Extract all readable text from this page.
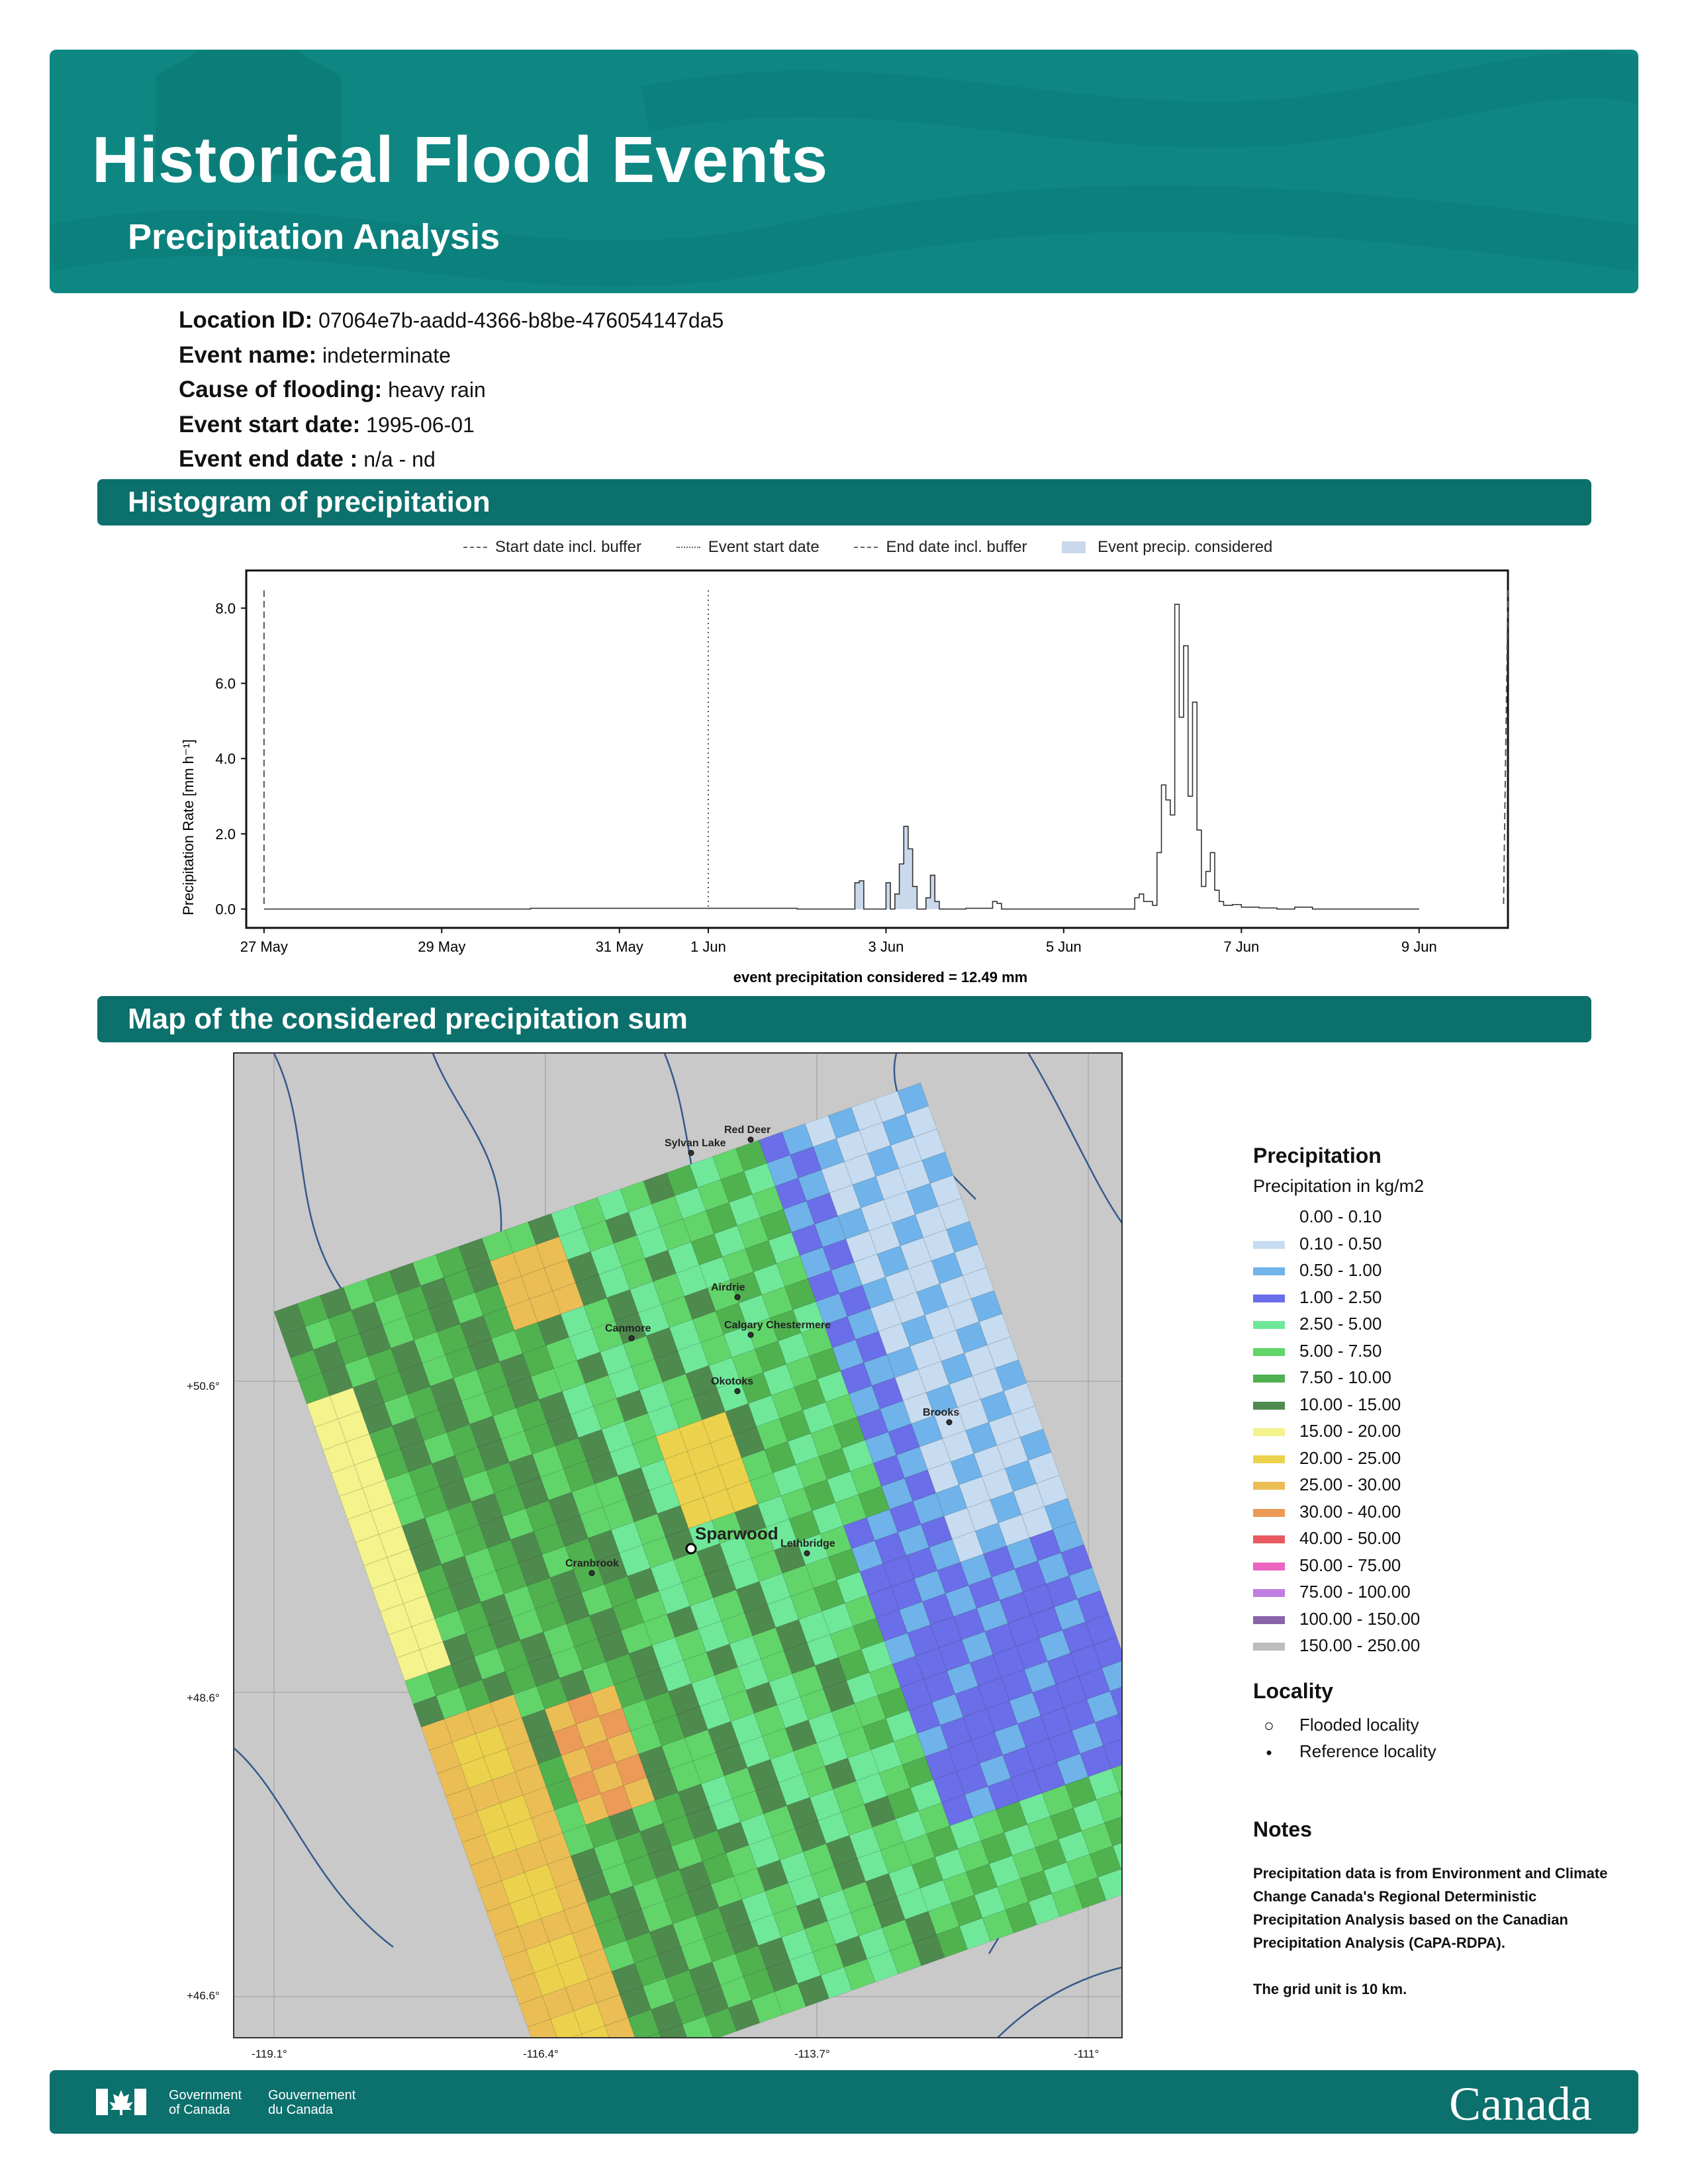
Historical Flood Events
Precipitation Analysis
Location ID: 07064e7b-aadd-4366-b8be-476054147da5
Event name: indeterminate
Cause of flooding: heavy rain
Event start date: 1995-06-01
Event end date : n/a - nd
Histogram of precipitation
Start date incl. buffer	Event start date	End date incl. buffer	Event precip. considered
Precipitation Rate [mm h⁻¹]
event precipitation considered = 12.49 mm
0.0
2.0
4.0
6.0
8.0
27 May	29 May	31 May	1 Jun	3 Jun	5 Jun	7 Jun	9 Jun
Map of the considered precipitation sum
Sylvan Lake
Red Deer
Airdrie
Canmore	Calgary Chestermere
Okotoks
Brooks
Sparwood
Lethbridge
Cranbrook
+50.6°
+48.6°
+46.6°
-119.1°	-116.4°	-113.7°	-111°
Precipitation
Precipitation in kg/m2
0.00 - 0.10
0.10 - 0.50
0.50 - 1.00
1.00 - 2.50
2.50 - 5.00
5.00 - 7.50
7.50 - 10.00
10.00 - 15.00
15.00 - 20.00
20.00 - 25.00
25.00 - 30.00
30.00 - 40.00
40.00 - 50.00
50.00 - 75.00
75.00 - 100.00
100.00 - 150.00
150.00 - 250.00
Locality
○ Flooded locality
• Reference locality
Notes

Precipitation data is from Environment and Climate Change Canada's Regional Deterministic Precipitation Analysis based on the Canadian Precipitation Analysis (CaPA-RDPA).

The grid unit is 10 km.

Government
of Canada
Gouvernement
du Canada	Canada
